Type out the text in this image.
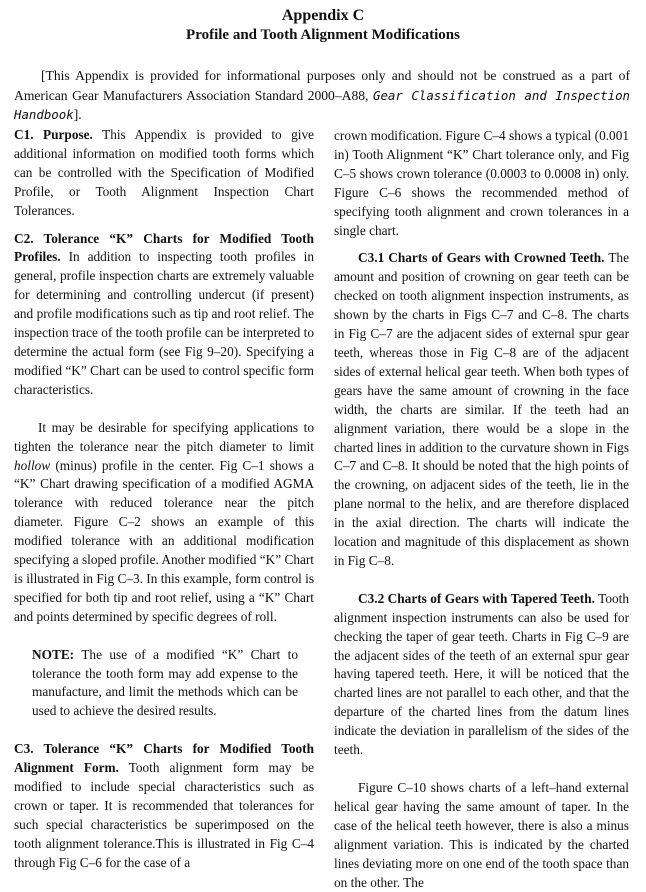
Appendix C
Profile and Tooth Alignment Modifications

[This Appendix is provided for informational purposes only and should not be construed as a part of American Gear Manufacturers Association Standard 2000–A88, Gear Classification and Inspection Handbook].

C1. Purpose. This Appendix is provided to give additional information on modified tooth forms which can be controlled with the Specification of Modified Profile, or Tooth Alignment Inspection Chart Tolerances.

C2. Tolerance “K” Charts for Modified Tooth Profiles. In addition to inspecting tooth profiles in general, profile inspection charts are extremely valuable for determining and controlling undercut (if present) and profile modifications such as tip and root relief. The inspection trace of the tooth profile can be interpreted to determine the actual form (see Fig 9–20). Specifying a modified “K” Chart can be used to control specific form characteristics.

It may be desirable for specifying applications to tighten the tolerance near the pitch diameter to limit hollow (minus) profile in the center. Fig C–1 shows a “K” Chart drawing specification of a modified AGMA tolerance with reduced tolerance near the pitch diameter. Figure C–2 shows an example of this modified tolerance with an additional modification specifying a sloped profile. Another modified “K” Chart is illustrated in Fig C–3. In this example, form control is specified for both tip and root relief, using a “K” Chart and points determined by specific degrees of roll.

NOTE: The use of a modified “K” Chart to tolerance the tooth form may add expense to the manufacture, and limit the methods which can be used to achieve the desired results.

C3. Tolerance “K” Charts for Modified Tooth Alignment Form. Tooth alignment form may be modified to include special characteristics such as crown or taper. It is recommended that tolerances for such special characteristics be superimposed on the tooth alignment tolerance.This is illustrated in Fig C–4 through Fig C–6 for the case of a

crown modification. Figure C–4 shows a typical (0.001 in) Tooth Alignment “K” Chart tolerance only, and Fig C–5 shows crown tolerance (0.0003 to 0.0008 in) only. Figure C–6 shows the recommended method of specifying tooth alignment and crown tolerances in a single chart.

C3.1 Charts of Gears with Crowned Teeth. The amount and position of crowning on gear teeth can be checked on tooth alignment inspection instruments, as shown by the charts in Figs C–7 and C–8. The charts in Fig C–7 are the adjacent sides of external spur gear teeth, whereas those in Fig C–8 are of the adjacent sides of external helical gear teeth. When both types of gears have the same amount of crowning in the face width, the charts are similar. If the teeth had an alignment variation, there would be a slope in the charted lines in addition to the curvature shown in Figs C–7 and C–8. It should be noted that the high points of the crowning, on adjacent sides of the teeth, lie in the plane normal to the helix, and are therefore displaced in the axial direction. The charts will indicate the location and magnitude of this displacement as shown in Fig C–8.

C3.2 Charts of Gears with Tapered Teeth. Tooth alignment inspection instruments can also be used for checking the taper of gear teeth. Charts in Fig C–9 are the adjacent sides of the teeth of an external spur gear having tapered teeth. Here, it will be noticed that the charted lines are not parallel to each other, and that the departure of the charted lines from the datum lines indicate the deviation in parallelism of the sides of the teeth.

Figure C–10 shows charts of a left–hand external helical gear having the same amount of taper. In the case of the helical teeth however, there is also a minus alignment variation. This is indicated by the charted lines deviating more on one end of the tooth space than on the other. The
